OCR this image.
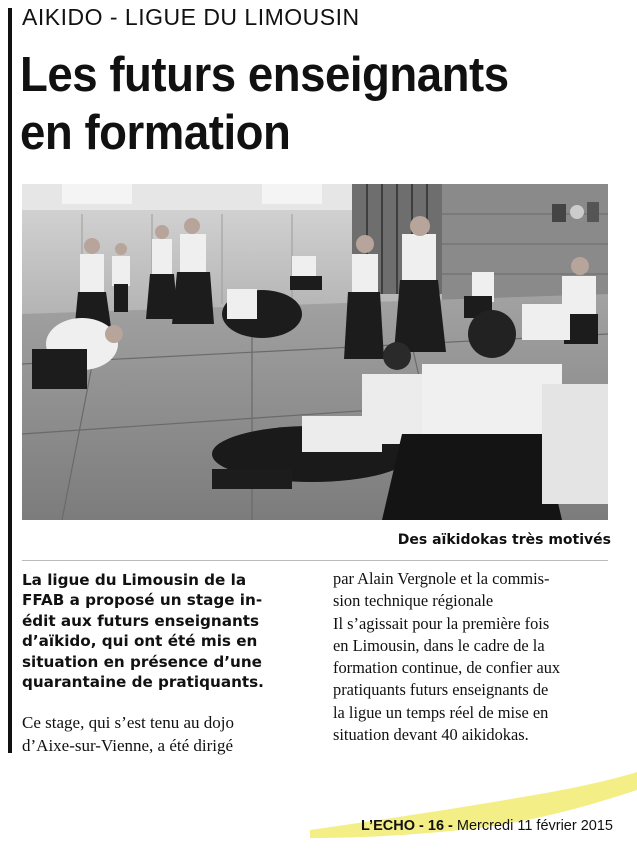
AIKIDO - LIGUE DU LIMOUSIN
Les futurs enseignants
en formation

Des aïkidokas très motivés

La ligue du Limousin de la
FFAB a proposé un stage in-
édit aux futurs enseignants
d’aïkido, qui ont été mis en
situation en présence d’une
quarantaine de pratiquants.

Ce stage, qui s’est tenu au dojo
d’Aixe-sur-Vienne, a été dirigé

par Alain Vergnole et la commis-
sion technique régionale
Il s’agissait pour la première fois
en Limousin, dans le cadre de la
formation continue, de confier aux
pratiquants futurs enseignants de
la ligue un temps réel de mise en
situation devant 40 aikidokas.

L’ECHO - 16 - Mercredi 11 février 2015
